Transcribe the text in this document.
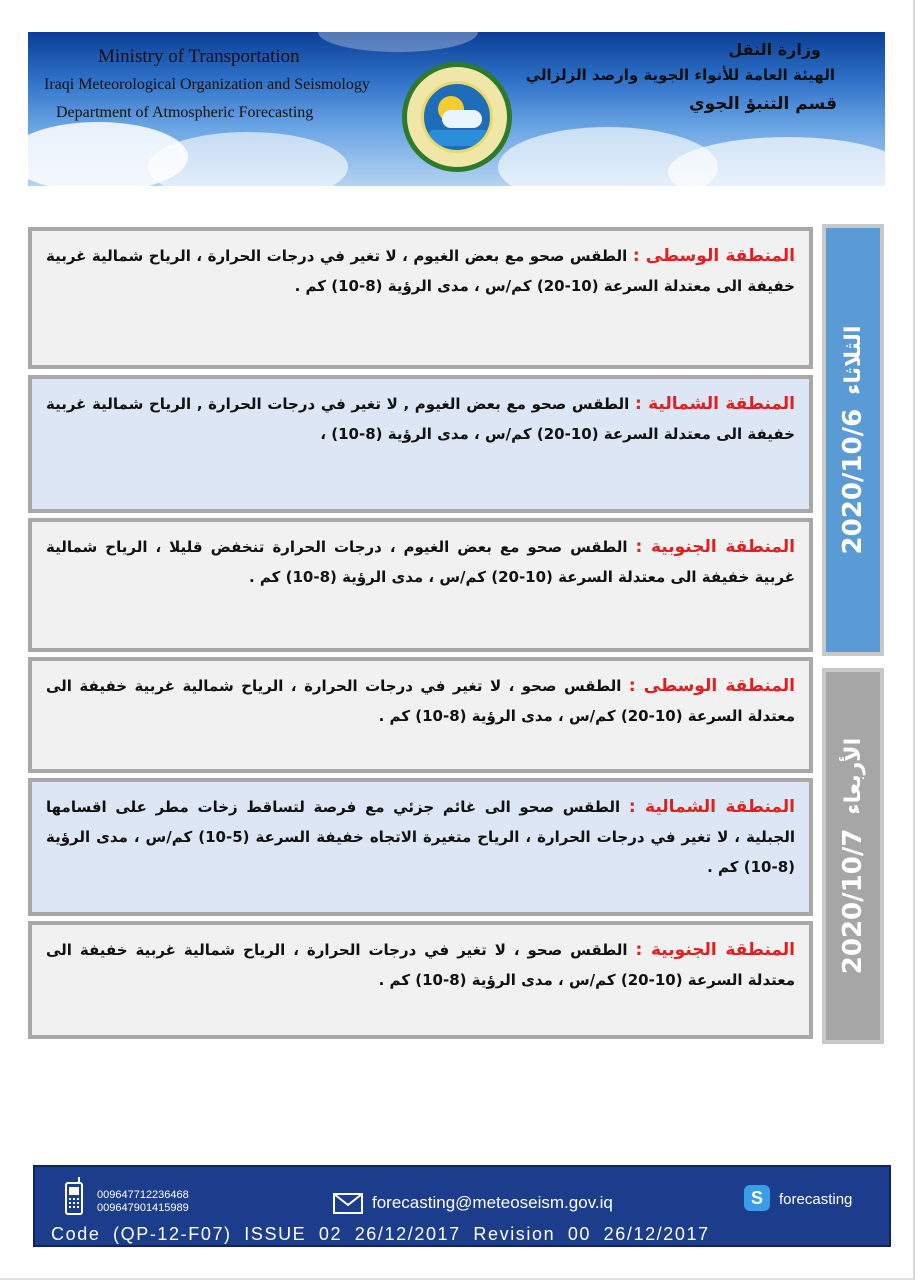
Ministry of Transportation
Iraqi Meteorological Organization and Seismology
Department of Atmospheric Forecasting
وزارة النقل
الهيئة العامة للأنواء الجوية وارصد الزلزالي
قسم التنبؤ الجوي
المنطقة الوسطى : الطقس صحو مع بعض الغيوم ، لا تغير في درجات الحرارة ، الرياح شمالية غربية خفيفة الى معتدلة السرعة (10-20) كم/س ، مدى الرؤية (8-10) كم .
المنطقة الشمالية : الطقس صحو مع بعض الغيوم , لا تغير في درجات الحرارة , الرياح شمالية غربية خفيفة الى معتدلة السرعة (10-20) كم/س ، مدى الرؤية (8-10) ،
المنطقة الجنوبية : الطقس صحو مع بعض الغيوم ، درجات الحرارة تنخفض قليلا ، الرياح شمالية غربية خفيفة الى معتدلة السرعة (10-20) كم/س ، مدى الرؤية (8-10) كم .
المنطقة الوسطى : الطقس صحو ، لا تغير في درجات الحرارة ، الرياح شمالية غربية خفيفة الى معتدلة السرعة (10-20) كم/س ، مدى الرؤية (8-10) كم .
المنطقة الشمالية : الطقس صحو الى غائم جزئي مع فرصة لتساقط زخات مطر على اقسامها الجبلية ، لا تغير في درجات الحرارة ، الرياح متغيرة الاتجاه خفيفة السرعة (5-10) كم/س ، مدى الرؤية (8-10) كم .
المنطقة الجنوبية : الطقس صحو ، لا تغير في درجات الحرارة ، الرياح شمالية غربية خفيفة الى معتدلة السرعة (10-20) كم/س ، مدى الرؤية (8-10) كم .
2020/10/6
الثلاثاء
2020/10/7
الأربعاء
009647712236468
009647901415989	forecasting@meteoseism.gov.iq	S	forecasting
Code (QP-12-F07) ISSUE 02 26/12/2017 Revision 00 26/12/2017
